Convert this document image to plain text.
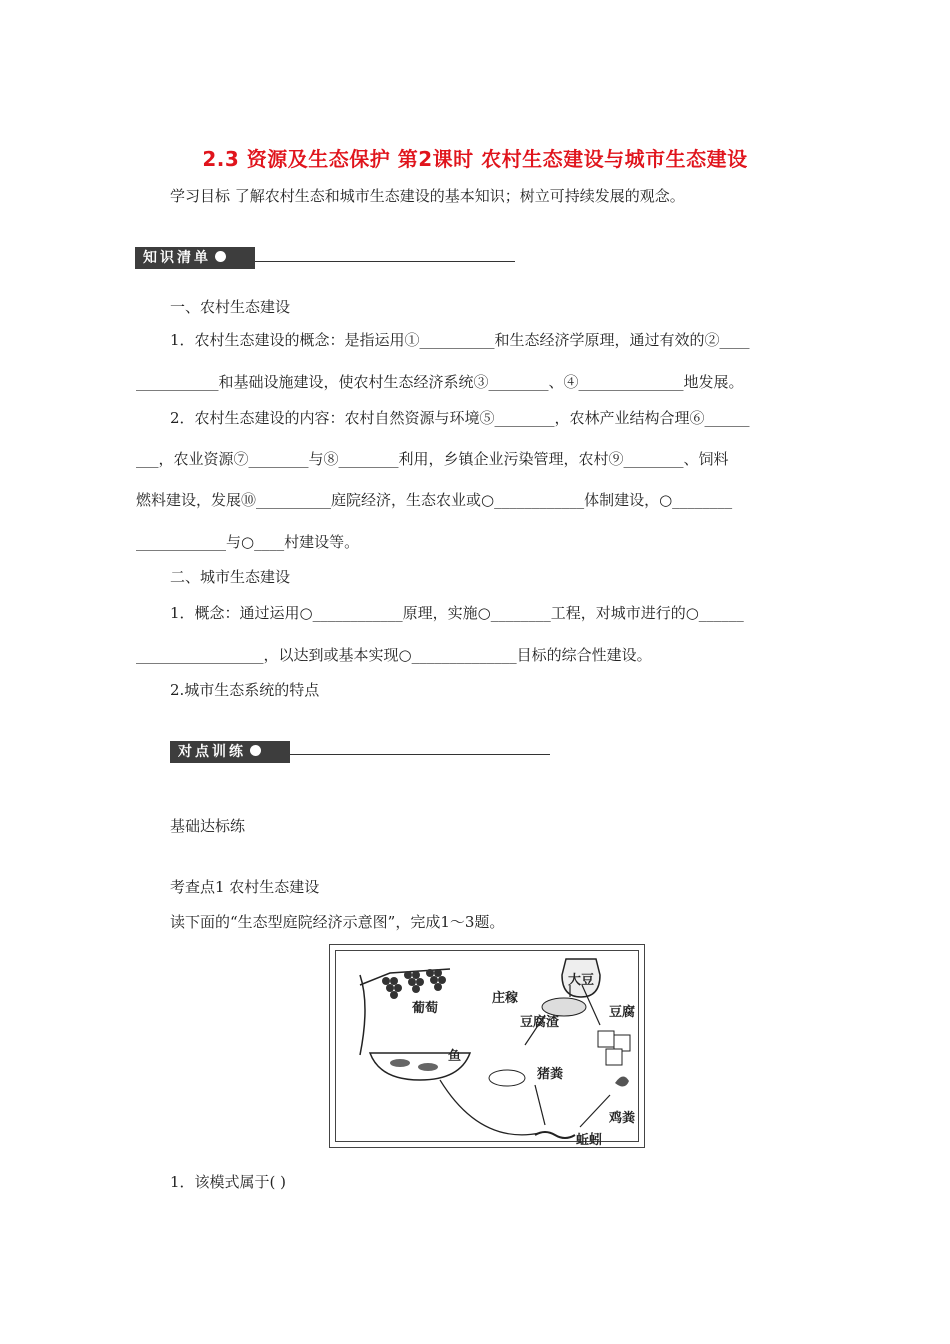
2.3 资源及生态保护 第2课时 农村生态建设与城市生态建设
学习目标 了解农村生态和城市生态建设的基本知识；树立可持续发展的观念。
知识清单
一、农村生态建设
1．农村生态建设的概念：是指运用①__________和生态经济学原理，通过有效的②____
___________和基础设施建设，使农村生态经济系统③________、④______________地发展。
2．农村生态建设的内容：农村自然资源与环境⑤________，农林产业结构合理⑥______
___，农业资源⑦________与⑧________利用，乡镇企业污染管理，农村⑨________、饲料
燃料建设，发展⑩__________庭院经济，生态农业或○____________体制建设，○________
____________与○____村建设等。
二、城市生态建设
1．概念：通过运用○____________原理，实施○________工程，对城市进行的○______
_________________，以达到或基本实现○______________目标的综合性建设。
2.城市生态系统的特点
对点训练
基础达标练
考查点1 农村生态建设
读下面的“生态型庭院经济示意图”，完成1～3题。
葡萄
庄稼
大豆
豆腐
豆腐渣
鱼
猪粪
鸡粪
蚯蚓
1．该模式属于( )
